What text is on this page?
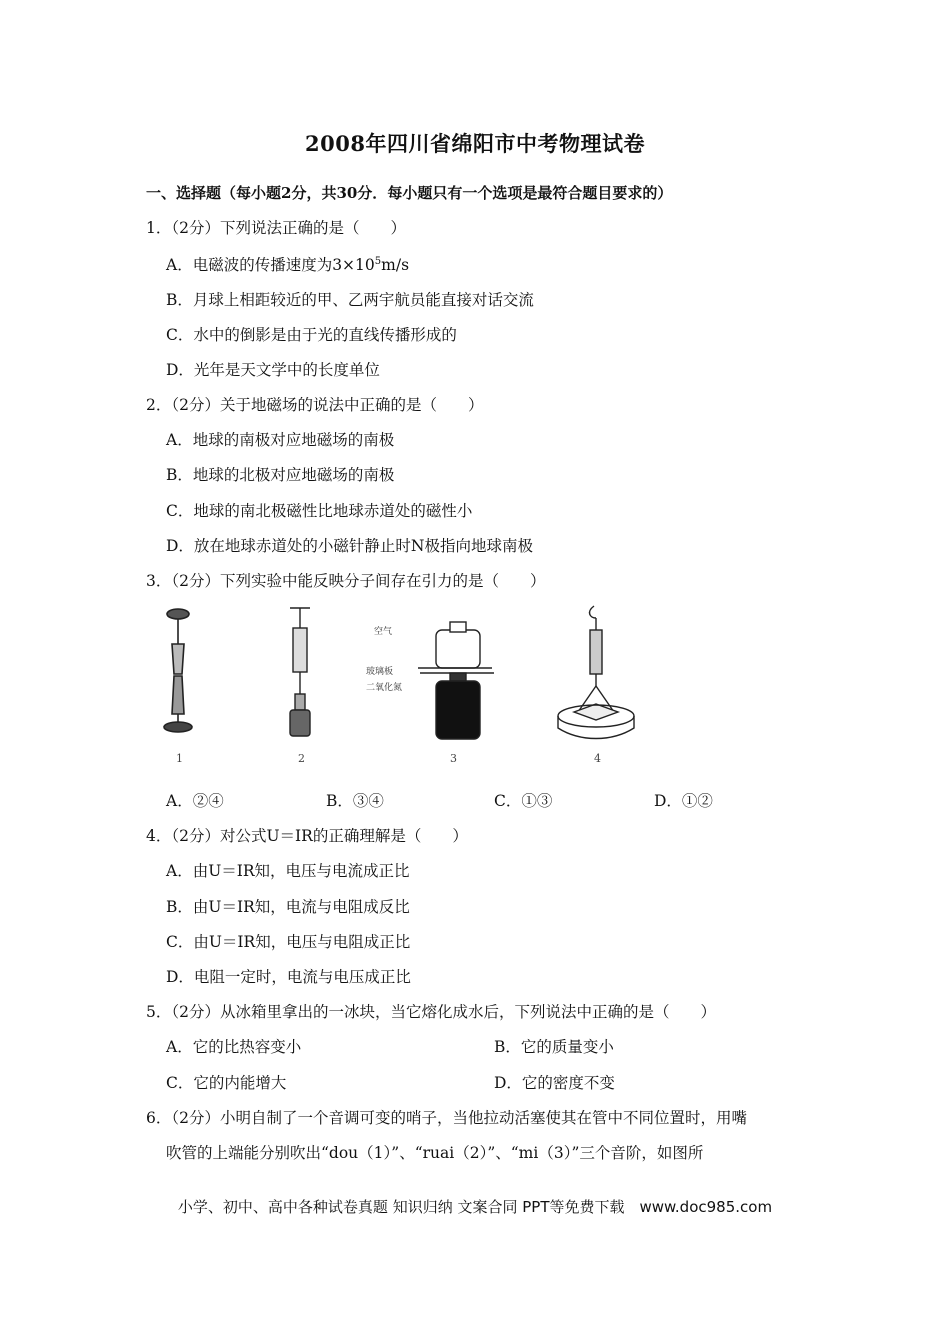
2008年四川省绵阳市中考物理试卷
一、选择题（每小题2分，共30分．每小题只有一个选项是最符合题目要求的）
1．（2分）下列说法正确的是（　　）
A．电磁波的传播速度为$3\times 10^5m/s$
B．月球上相距较近的甲、乙两宇航员能直接对话交流
C．水中的倒影是由于光的直线传播形成的
D．光年是天文学中的长度单位
2．（2分）关于地磁场的说法中正确的是（　　）
A．地球的南极对应地磁场的南极
B．地球的北极对应地磁场的南极
C．地球的南北极磁性比地球赤道处的磁性小
D．放在地球赤道处的小磁针静止时N极指向地球南极
3．（2分）下列实验中能反映分子间存在引力的是（　　）
1	2
空气
玻璃板
二氧化氮
3	4
A．②④	B．③④	C．①③	D．①②
4．（2分）对公式U＝IR的正确理解是（　　）
A．由U＝IR知，电压与电流成正比
B．由U＝IR知，电流与电阻成反比
C．由U＝IR知，电压与电阻成正比
D．电阻一定时，电流与电压成正比
5．（2分）从冰箱里拿出的一冰块，当它熔化成水后，下列说法中正确的是（　　）
A．它的比热容变小	B．它的质量变小
C．它的内能增大	D．它的密度不变
6．（2分）小明自制了一个音调可变的哨子，当他拉动活塞使其在管中不同位置时，用嘴
吹管的上端能分别吹出“dou（1）”、“ruai（2）”、“mi（3）”三个音阶，如图所
小学、初中、高中各种试卷真题 知识归纳 文案合同 PPT等免费下载　www.doc985.com
